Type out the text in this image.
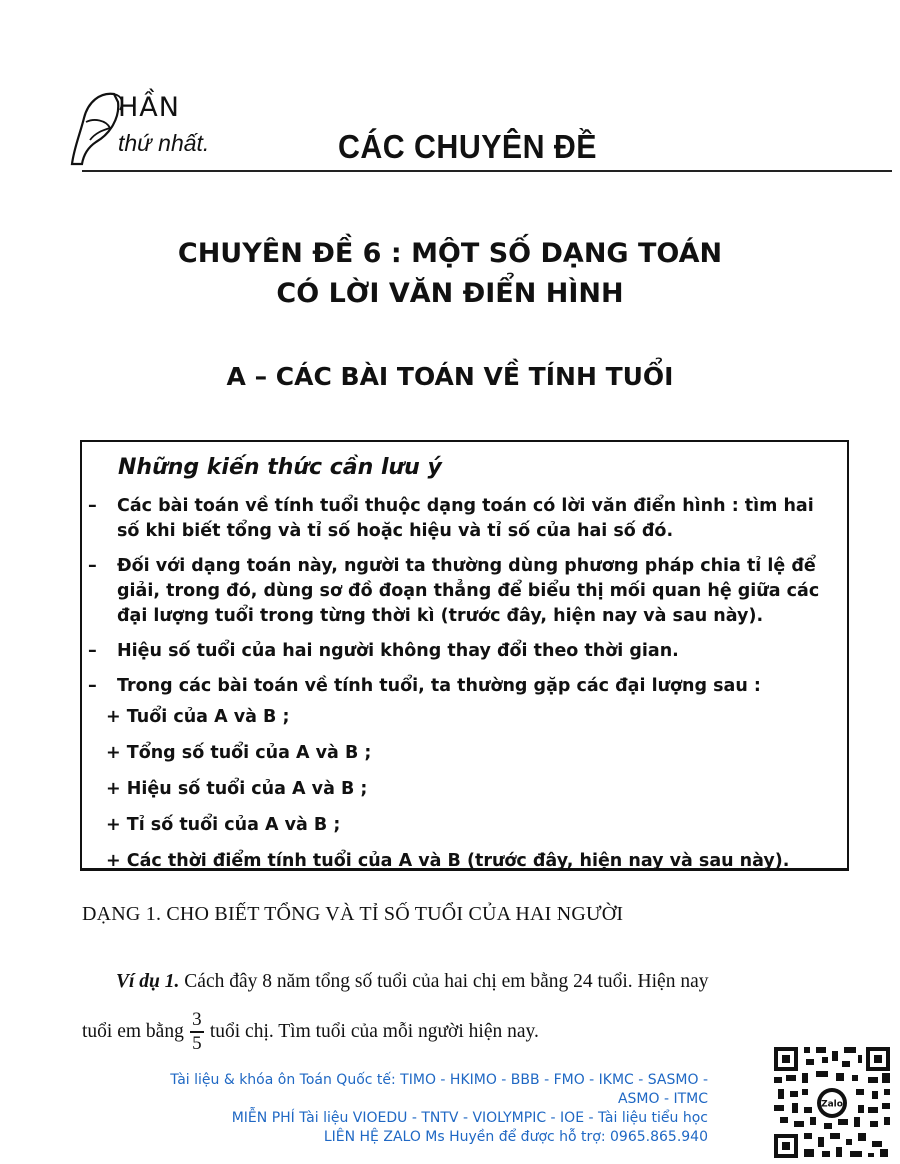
HẦN
thứ nhất.	CÁC CHUYÊN ĐỀ
CHUYÊN ĐỀ 6 : MỘT SỐ DẠNG TOÁN
CÓ LỜI VĂN ĐIỂN HÌNH
A – CÁC BÀI TOÁN VỀ TÍNH TUỔI
Những kiến thức cần lưu ý
– Các bài toán về tính tuổi thuộc dạng toán có lời văn điển hình : tìm hai số khi biết tổng và tỉ số hoặc hiệu và tỉ số của hai số đó.
– Đối với dạng toán này, người ta thường dùng phương pháp chia tỉ lệ để giải, trong đó, dùng sơ đồ đoạn thẳng để biểu thị mối quan hệ giữa các đại lượng tuổi trong từng thời kì (trước đây, hiện nay và sau này).
– Hiệu số tuổi của hai người không thay đổi theo thời gian.
– Trong các bài toán về tính tuổi, ta thường gặp các đại lượng sau :
+ Tuổi của A và B ;
+ Tổng số tuổi của A và B ;
+ Hiệu số tuổi của A và B ;
+ Tỉ số tuổi của A và B ;
+ Các thời điểm tính tuổi của A và B (trước đây, hiện nay và sau này).
DẠNG 1. CHO BIẾT TỔNG VÀ TỈ SỐ TUỔI CỦA HAI NGƯỜI
Ví dụ 1. Cách đây 8 năm tổng số tuổi của hai chị em bằng 24 tuổi. Hiện nay
tuổi em bằng $\frac{3}{5}$ tuổi chị. Tìm tuổi của mỗi người hiện nay.
Tài liệu & khóa ôn Toán Quốc tế: TIMO - HKIMO - BBB - FMO - IKMC - SASMO -
ASMO - ITMC
MIỄN PHÍ Tài liệu VIOEDU - TNTV - VIOLYMPIC - IOE - Tài liệu tiểu học
LIÊN HỆ ZALO Ms Huyền để được hỗ trợ: 0965.865.940
Zalo
